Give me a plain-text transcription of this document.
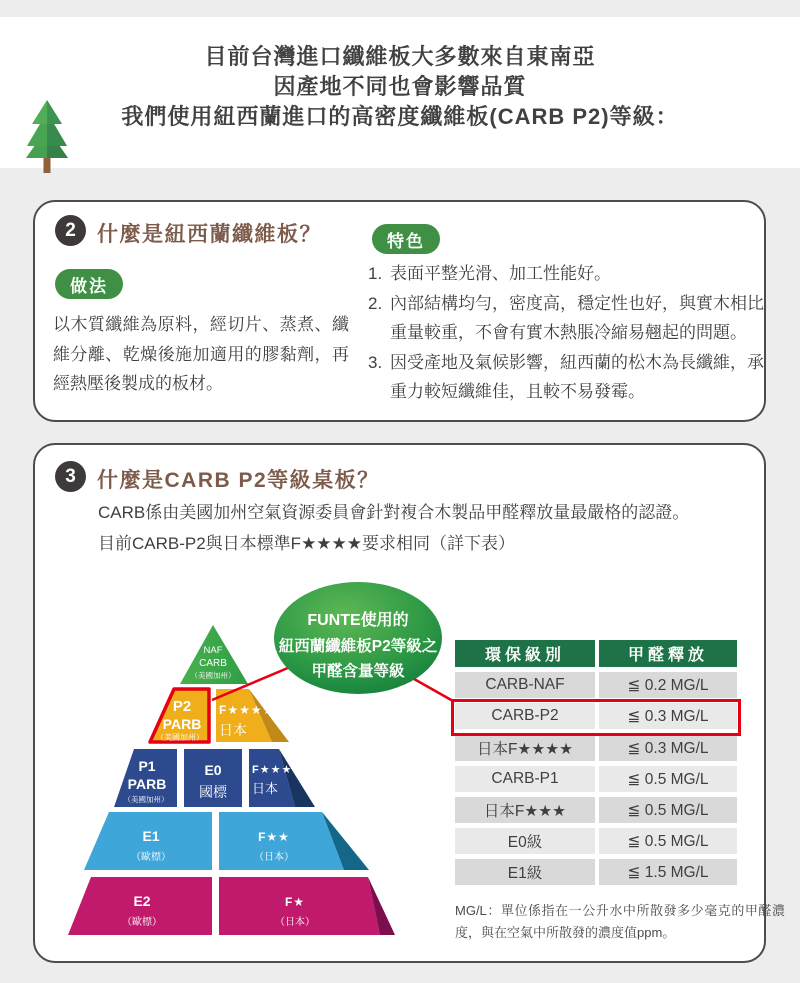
目前台灣進口纖維板大多數來自東南亞
因產地不同也會影響品質
我們使用紐西蘭進口的高密度纖維板(CARB P2)等級：
2	什麼是紐西蘭纖維板？
做法
以木質纖維為原料，經切片、蒸煮、纖維分離、乾燥後施加適用的膠黏劑，再經熱壓後製成的板材。
特色
1. 表面平整光滑、加工性能好。
2. 內部結構均勻，密度高，穩定性也好，與實木相比重量較重，不會有實木熱脹冷縮易翹起的問題。
3. 因受產地及氣候影響，紐西蘭的松木為長纖維，承重力較短纖維佳，且較不易發霉。
3	什麼是CARB P2等級桌板？
CARB係由美國加州空氣資源委員會針對複合木製品甲醛釋放量最嚴格的認證。
目前CARB-P2與日本標準F★★★★要求相同（詳下表）
NAF
CARB
（美國加州）
F★★★★
日本
P2
PARB
（美國加州）
P1
PARB
（美國加州）
E0
國標
F★★★
日本
E1
（歐標）
F★★
（日本）
E2
（歐標）
F★
（日本）
FUNTE使用的
紐西蘭纖維板P2等級之
甲醛含量等級
環保級別	甲醛釋放
CARB-NAF	≦ 0.2 MG/L
CARB-P2	≦ 0.3 MG/L
日本F★★★★	≦ 0.3 MG/L
CARB-P1	≦ 0.5 MG/L
日本F★★★	≦ 0.5 MG/L
E0級	≦ 0.5 MG/L
E1級	≦ 1.5 MG/L
MG/L：單位係指在一公升水中所散發多少毫克的甲醛濃度，與在空氣中所散發的濃度值ppm。
